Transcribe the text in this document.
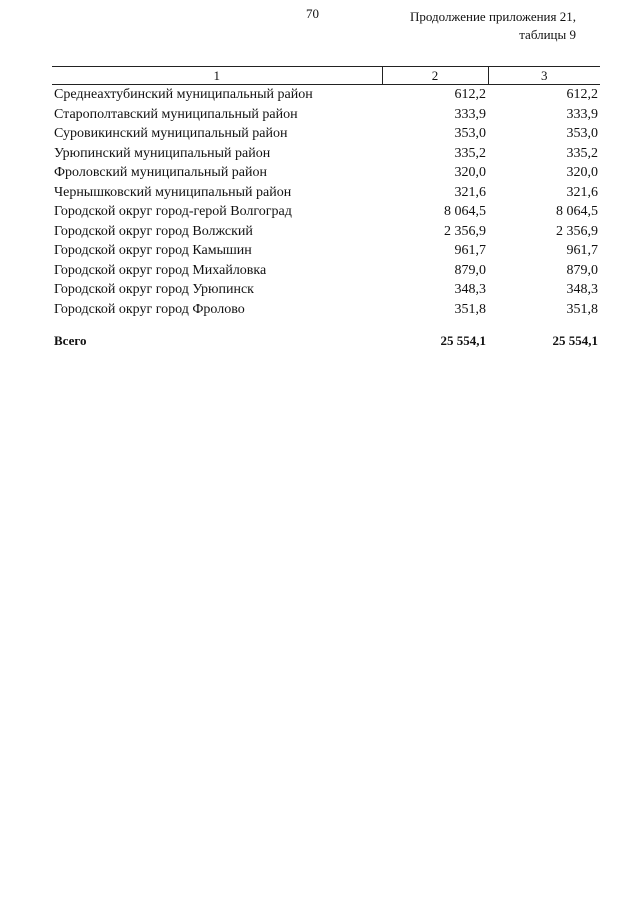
70	Продолжение приложения 21,
таблицы 9
1	2	3
Среднеахтубинский муниципальный район	612,2	612,2
Старополтавский муниципальный район	333,9	333,9
Суровикинский муниципальный район	353,0	353,0
Урюпинский муниципальный район	335,2	335,2
Фроловский муниципальный район	320,0	320,0
Чернышковский муниципальный район	321,6	321,6
Городской округ город-герой Волгоград	8 064,5	8 064,5
Городской округ город Волжский	2 356,9	2 356,9
Городской округ город Камышин	961,7	961,7
Городской округ город Михайловка	879,0	879,0
Городской округ город Урюпинск	348,3	348,3
Городской округ город Фролово	351,8	351,8

Всего	25 554,1	25 554,1
